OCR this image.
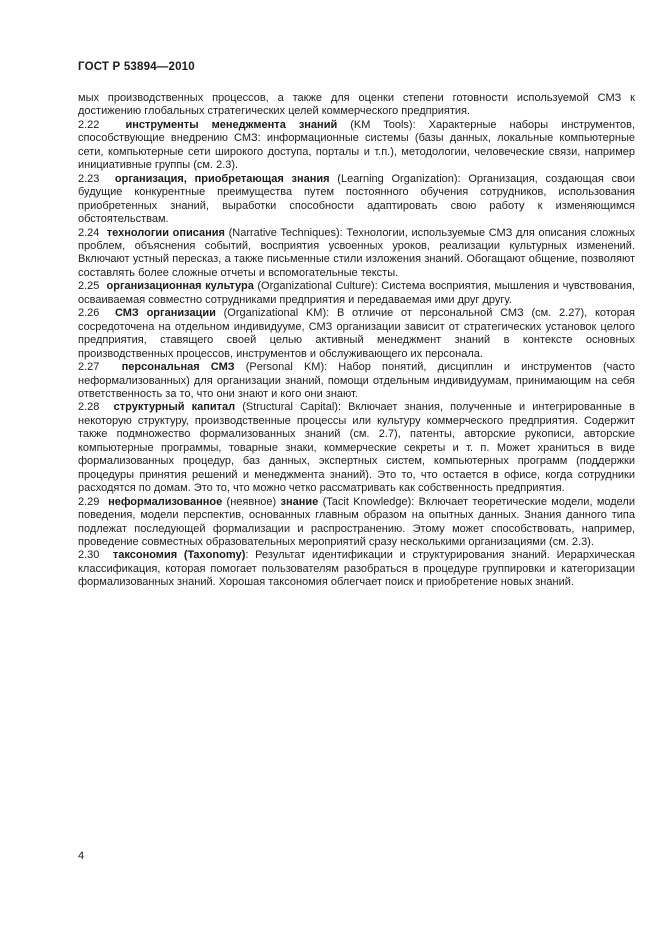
ГОСТ Р 53894—2010

мых производственных процессов, а также для оценки степени готовности используемой СМЗ к достижению глобальных стратегических целей коммерческого предприятия.

2.22  инструменты менеджмента знаний (KM Tools): Характерные наборы инструментов, способствующие внедрению СМЗ: информационные системы (базы данных, локальные компьютерные сети, компьютерные сети широкого доступа, порталы и т.п.), методологии, человеческие связи, например инициативные группы (см. 2.3).

2.23  организация, приобретающая знания (Learning Organization): Организация, создающая свои будущие конкурентные преимущества путем постоянного обучения сотрудников, использования приобретенных знаний, выработки способности адаптировать свою работу к изменяющимся обстоятельствам.

2.24  технологии описания (Narrative Techniques): Технологии, используемые СМЗ для описания сложных проблем, объяснения событий, восприятия усвоенных уроков, реализации культурных изменений. Включают устный пересказ, а также письменные стили изложения знаний. Обогащают общение, позволяют составлять более сложные отчеты и вспомогательные тексты.

2.25  организационная культура (Organizational Culture): Система восприятия, мышления и чувствования, осваиваемая совместно сотрудниками предприятия и передаваемая ими друг другу.

2.26  СМЗ организации (Organizational KM): В отличие от персональной СМЗ (см. 2.27), которая сосредоточена на отдельном индивидууме, СМЗ организации зависит от стратегических установок целого предприятия, ставящего своей целью активный менеджмент знаний в контексте основных производственных процессов, инструментов и обслуживающего их персонала.

2.27  персональная СМЗ (Personal KM): Набор понятий, дисциплин и инструментов (часто неформализованных) для организации знаний, помощи отдельным индивидуумам, принимающим на себя ответственность за то, что они знают и кого они знают.

2.28  структурный капитал (Structural Capital): Включает знания, полученные и интегрированные в некоторую структуру, производственные процессы или культуру коммерческого предприятия. Содержит также подмножество формализованных знаний (см. 2.7), патенты, авторские рукописи, авторские компьютерные программы, товарные знаки, коммерческие секреты и т. п. Может храниться в виде формализованных процедур, баз данных, экспертных систем, компьютерных программ (поддержки процедуры принятия решений и менеджмента знаний). Это то, что остается в офисе, когда сотрудники расходятся по домам. Это то, что можно четко рассматривать как собственность предприятия.

2.29  неформализованное (неявное) знание (Tacit Knowledge): Включает теоретические модели, модели поведения, модели перспектив, основанных главным образом на опытных данных. Знания данного типа подлежат последующей формализации и распространению. Этому может способствовать, например, проведение совместных образовательных мероприятий сразу несколькими организациями (см. 2.3).

2.30  таксономия (Taxonomy): Результат идентификации и структурирования знаний. Иерархическая классификация, которая помогает пользователям разобраться в процедуре группировки и категоризации формализованных знаний. Хорошая таксономия облегчает поиск и приобретение новых знаний.

4
